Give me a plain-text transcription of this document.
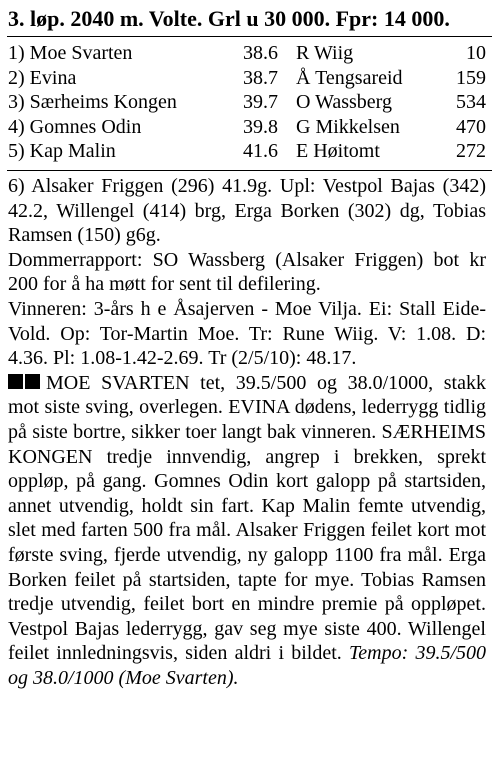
3. løp. 2040 m. Volte. Grl u 30 000. Fpr: 14 000.
1) Moe Svarten	38.6	R Wiig	10
2) Evina	38.7	Å Tengsareid	159
3) Særheims Kongen	39.7	O Wassberg	534
4) Gomnes Odin	39.8	G Mikkelsen	470
5) Kap Malin	41.6	E Høitomt	272

6) Alsaker Friggen (296) 41.9g. Upl: Vestpol Bajas (342) 42.2, Willengel (414) brg, Erga Borken (302) dg, Tobias Ramsen (150) g6g.

Dommerrapport: SO Wassberg (Alsaker Friggen) bot kr 200 for å ha møtt for sent til defilering.

Vinneren: 3-års h e Åsajerven - Moe Vilja. Ei: Stall Eide-Vold. Op: Tor-Martin Moe. Tr: Rune Wiig. V: 1.08. D: 4.36. Pl: 1.08-1.42-2.69. Tr (2/5/10): 48.17.

MOE SVARTEN tet, 39.5/500 og 38.0/1000, stakk mot siste sving, overlegen. EVINA dødens, lederrygg tidlig på siste bortre, sikker toer langt bak vinneren. SÆRHEIMS KONGEN tredje innvendig, angrep i brekken, sprekt oppløp, på gang. Gomnes Odin kort galopp på startsiden, annet utvendig, holdt sin fart. Kap Malin femte utvendig, slet med farten 500 fra mål. Alsaker Friggen feilet kort mot første sving, fjerde utvendig, ny galopp 1100 fra mål. Erga Borken feilet på startsiden, tapte for mye. Tobias Ramsen tredje utvendig, feilet bort en mindre premie på oppløpet. Vestpol Bajas lederrygg, gav seg mye siste 400. Willengel feilet innledningsvis, siden aldri i bildet. Tempo: 39.5/500 og 38.0/1000 (Moe Svarten).
